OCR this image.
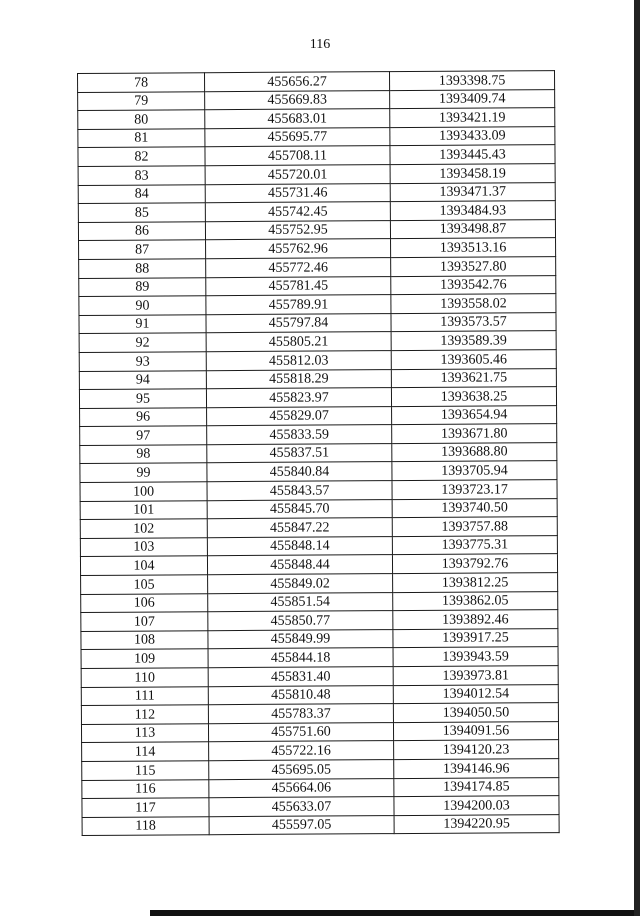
116
78	455656.27	1393398.75
79	455669.83	1393409.74
80	455683.01	1393421.19
81	455695.77	1393433.09
82	455708.11	1393445.43
83	455720.01	1393458.19
84	455731.46	1393471.37
85	455742.45	1393484.93
86	455752.95	1393498.87
87	455762.96	1393513.16
88	455772.46	1393527.80
89	455781.45	1393542.76
90	455789.91	1393558.02
91	455797.84	1393573.57
92	455805.21	1393589.39
93	455812.03	1393605.46
94	455818.29	1393621.75
95	455823.97	1393638.25
96	455829.07	1393654.94
97	455833.59	1393671.80
98	455837.51	1393688.80
99	455840.84	1393705.94
100	455843.57	1393723.17
101	455845.70	1393740.50
102	455847.22	1393757.88
103	455848.14	1393775.31
104	455848.44	1393792.76
105	455849.02	1393812.25
106	455851.54	1393862.05
107	455850.77	1393892.46
108	455849.99	1393917.25
109	455844.18	1393943.59
110	455831.40	1393973.81
111	455810.48	1394012.54
112	455783.37	1394050.50
113	455751.60	1394091.56
114	455722.16	1394120.23
115	455695.05	1394146.96
116	455664.06	1394174.85
117	455633.07	1394200.03
118	455597.05	1394220.95
